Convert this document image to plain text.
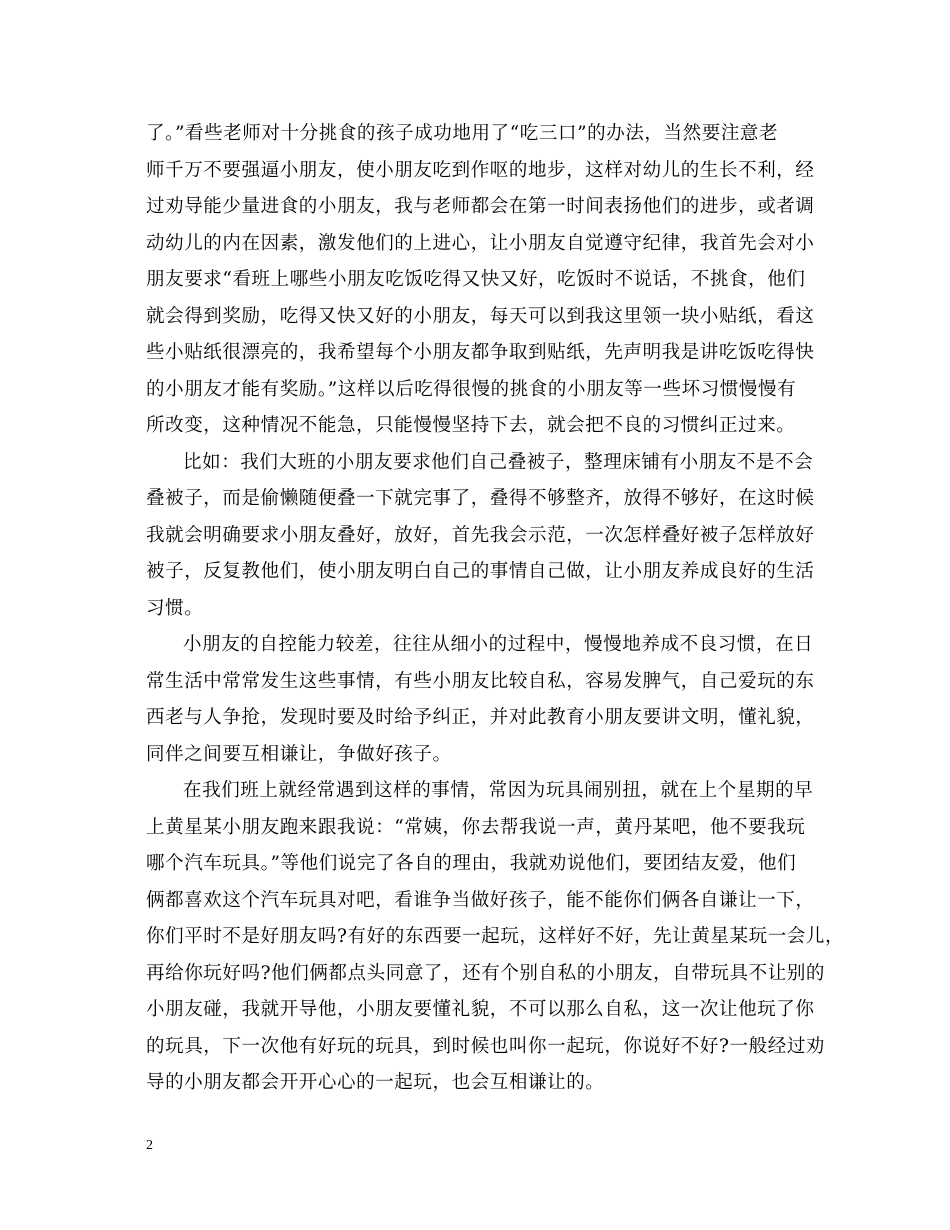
了。”看些老师对十分挑食的孩子成功地用了“吃三口”的办法，当然要注意老
师千万不要强逼小朋友，使小朋友吃到作呕的地步，这样对幼儿的生长不利，经
过劝导能少量进食的小朋友，我与老师都会在第一时间表扬他们的进步，或者调
动幼儿的内在因素，激发他们的上进心，让小朋友自觉遵守纪律，我首先会对小
朋友要求“看班上哪些小朋友吃饭吃得又快又好，吃饭时不说话，不挑食，他们
就会得到奖励，吃得又快又好的小朋友，每天可以到我这里领一块小贴纸，看这
些小贴纸很漂亮的，我希望每个小朋友都争取到贴纸，先声明我是讲吃饭吃得快
的小朋友才能有奖励。”这样以后吃得很慢的挑食的小朋友等一些坏习惯慢慢有
所改变，这种情况不能急，只能慢慢坚持下去，就会把不良的习惯纠正过来。
比如：我们大班的小朋友要求他们自己叠被子，整理床铺有小朋友不是不会
叠被子，而是偷懒随便叠一下就完事了，叠得不够整齐，放得不够好，在这时候
我就会明确要求小朋友叠好，放好，首先我会示范，一次怎样叠好被子怎样放好
被子，反复教他们，使小朋友明白自己的事情自己做，让小朋友养成良好的生活
习惯。
小朋友的自控能力较差，往往从细小的过程中，慢慢地养成不良习惯，在日
常生活中常常发生这些事情，有些小朋友比较自私，容易发脾气，自己爱玩的东
西老与人争抢，发现时要及时给予纠正，并对此教育小朋友要讲文明，懂礼貌，
同伴之间要互相谦让，争做好孩子。
在我们班上就经常遇到这样的事情，常因为玩具闹别扭，就在上个星期的早
上黄星某小朋友跑来跟我说：“常姨，你去帮我说一声，黄丹某吧，他不要我玩
哪个汽车玩具。”等他们说完了各自的理由，我就劝说他们，要团结友爱，他们
俩都喜欢这个汽车玩具对吧，看谁争当做好孩子，能不能你们俩各自谦让一下，
你们平时不是好朋友吗?有好的东西要一起玩，这样好不好，先让黄星某玩一会儿，
再给你玩好吗?他们俩都点头同意了，还有个别自私的小朋友，自带玩具不让别的
小朋友碰，我就开导他，小朋友要懂礼貌，不可以那么自私，这一次让他玩了你
的玩具，下一次他有好玩的玩具，到时候也叫你一起玩，你说好不好?一般经过劝
导的小朋友都会开开心心的一起玩，也会互相谦让的。
2
